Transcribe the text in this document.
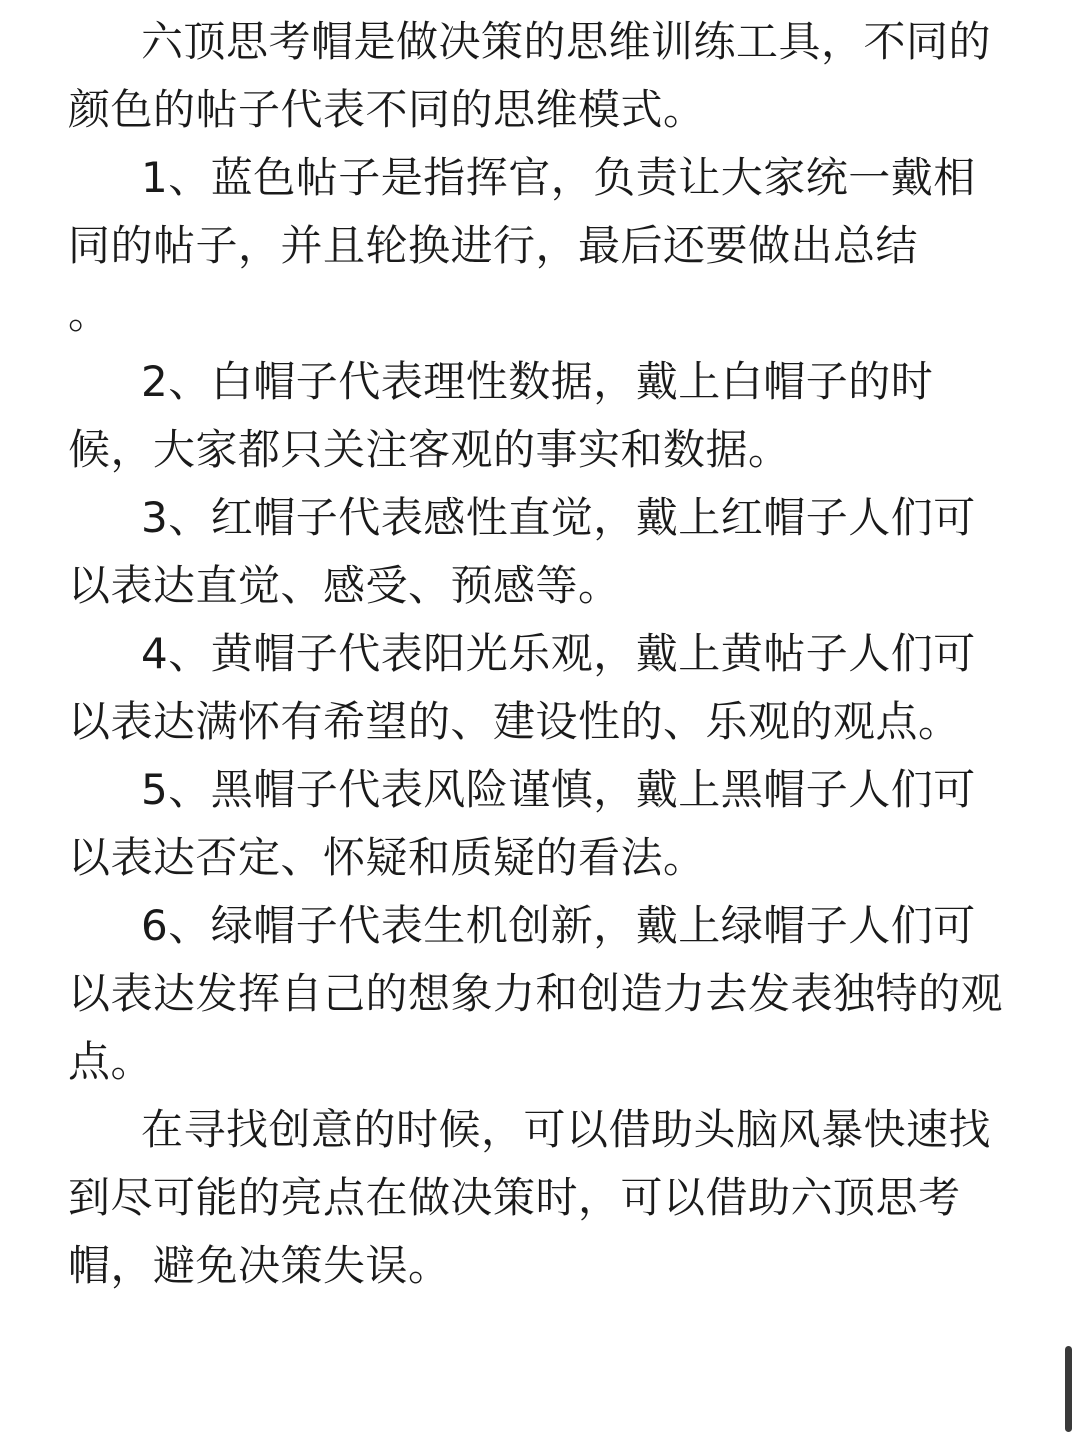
六顶思考帽是做决策的思维训练工具，不同的颜色的帖子代表不同的思维模式。

1、蓝色帖子是指挥官，负责让大家统一戴相同的帖子，并且轮换进行，最后还要做出总结
。

2、白帽子代表理性数据，戴上白帽子的时候，大家都只关注客观的事实和数据。

3、红帽子代表感性直觉，戴上红帽子人们可以表达直觉、感受、预感等。

4、黄帽子代表阳光乐观，戴上黄帖子人们可以表达满怀有希望的、建设性的、乐观的观点。

5、黑帽子代表风险谨慎，戴上黑帽子人们可以表达否定、怀疑和质疑的看法。

6、绿帽子代表生机创新，戴上绿帽子人们可以表达发挥自己的想象力和创造力去发表独特的观点。

在寻找创意的时候，可以借助头脑风暴快速找到尽可能的亮点在做决策时，可以借助六顶思考 帽，避免决策失误。
